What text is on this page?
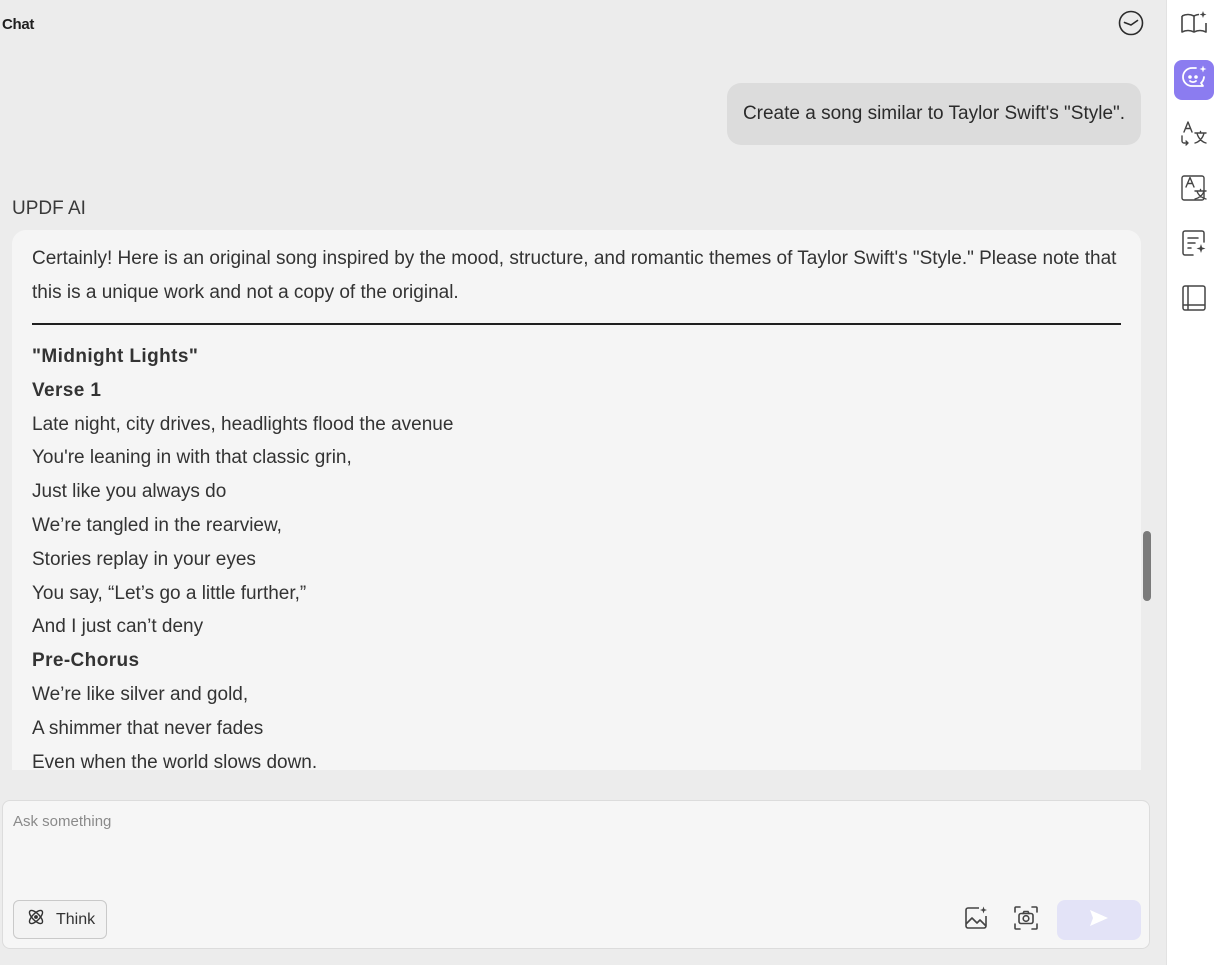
Chat
Create a song similar to Taylor Swift's "Style".
UPDF AI
Certainly! Here is an original song inspired by the mood, structure, and romantic themes of Taylor Swift's "Style." Please note that this is a unique work and not a copy of the original.
"Midnight Lights"
Verse 1
Late night, city drives, headlights flood the avenue
You're leaning in with that classic grin,
Just like you always do
We’re tangled in the rearview,
Stories replay in your eyes
You say, “Let’s go a little further,”
And I just can’t deny
Pre-Chorus
We’re like silver and gold,
A shimmer that never fades
Even when the world slows down.
Ask something
Think
